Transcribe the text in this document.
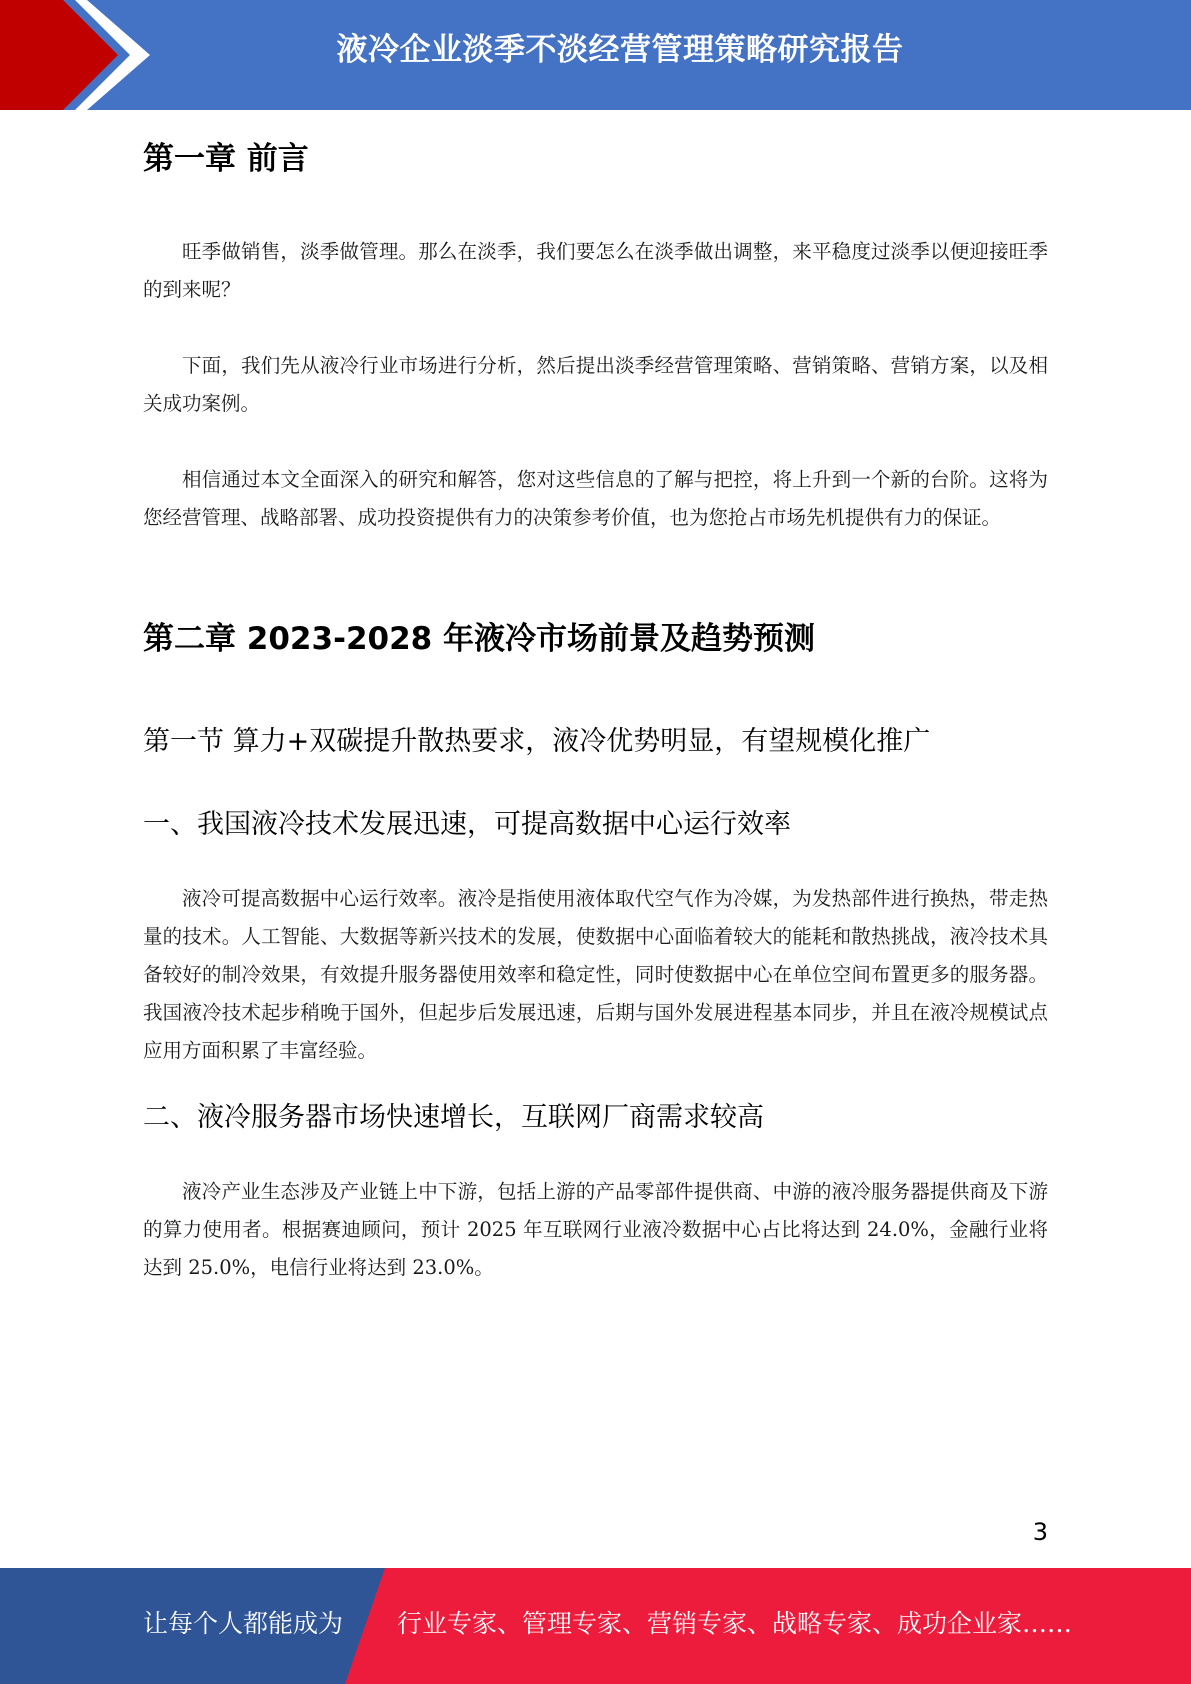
液冷企业淡季不淡经营管理策略研究报告
第一章 前言

旺季做销售，淡季做管理。那么在淡季，我们要怎么在淡季做出调整，来平稳度过淡季以便迎接旺季的到来呢？

下面，我们先从液冷行业市场进行分析，然后提出淡季经营管理策略、营销策略、营销方案，以及相关成功案例。

相信通过本文全面深入的研究和解答，您对这些信息的了解与把控，将上升到一个新的台阶。这将为您经营管理、战略部署、成功投资提供有力的决策参考价值，也为您抢占市场先机提供有力的保证。

第二章 2023-2028 年液冷市场前景及趋势预测
第一节 算力+双碳提升散热要求，液冷优势明显，有望规模化推广
一、我国液冷技术发展迅速，可提高数据中心运行效率

液冷可提高数据中心运行效率。液冷是指使用液体取代空气作为冷媒，为发热部件进行换热，带走热量的技术。人工智能、大数据等新兴技术的发展，使数据中心面临着较大的能耗和散热挑战，液冷技术具备较好的制冷效果，有效提升服务器使用效率和稳定性，同时使数据中心在单位空间布置更多的服务器。我国液冷技术起步稍晚于国外，但起步后发展迅速，后期与国外发展进程基本同步，并且在液冷规模试点应用方面积累了丰富经验。

二、液冷服务器市场快速增长，互联网厂商需求较高

液冷产业生态涉及产业链上中下游，包括上游的产品零部件提供商、中游的液冷服务器提供商及下游的算力使用者。根据赛迪顾问，预计 2025 年互联网行业液冷数据中心占比将达到 24.0%，金融行业将达到 25.0%，电信行业将达到 23.0%。

3
让每个人都能成为 行业专家、管理专家、营销专家、战略专家、成功企业家……
